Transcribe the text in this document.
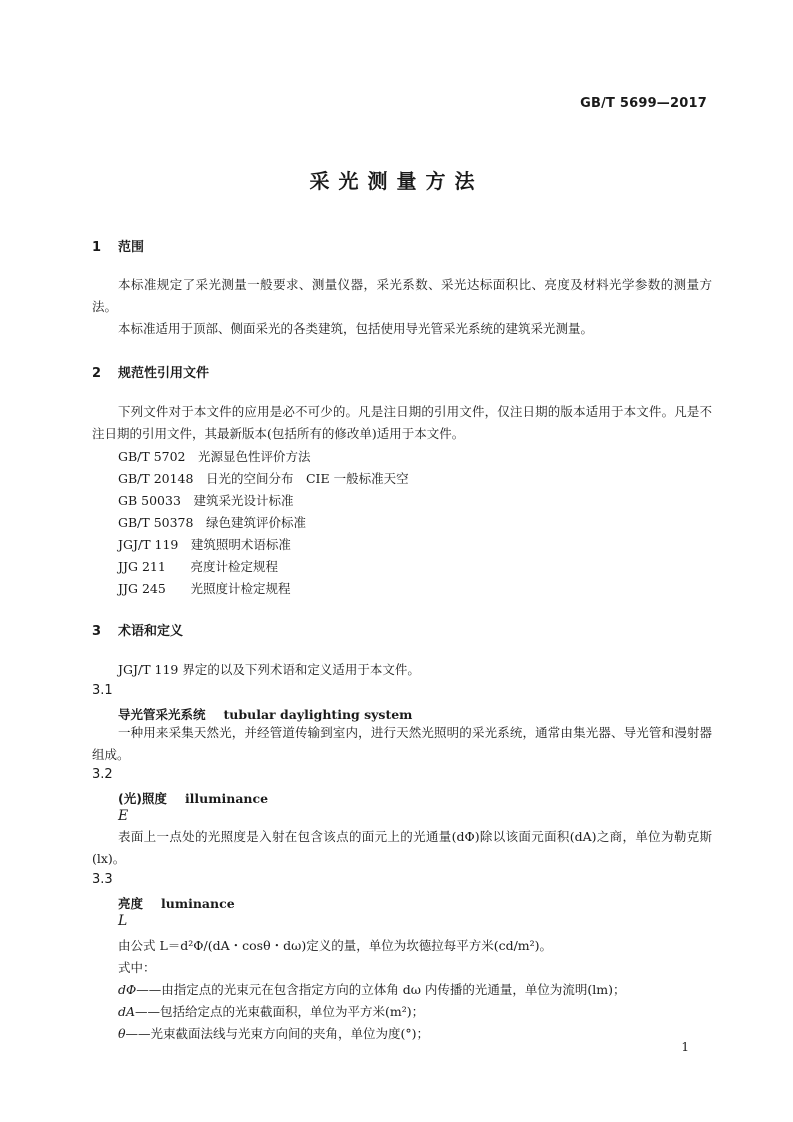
GB/T 5699—2017
采光测量方法
1 范围
本标准规定了采光测量一般要求、测量仪器，采光系数、采光达标面积比、亮度及材料光学参数的测量方法。
本标准适用于顶部、侧面采光的各类建筑，包括使用导光管采光系统的建筑采光测量。
2 规范性引用文件
下列文件对于本文件的应用是必不可少的。凡是注日期的引用文件，仅注日期的版本适用于本文件。凡是不注日期的引用文件，其最新版本(包括所有的修改单)适用于本文件。
GB/T 5702　 光源显色性评价方法
GB/T 20148　 日光的空间分布　CIE 一般标准天空
GB 50033　 建筑采光设计标准
GB/T 50378　 绿色建筑评价标准
JGJ/T 119　 建筑照明术语标准
JJG 211　 亮度计检定规程
JJG 245　 光照度计检定规程
3 术语和定义
JGJ/T 119 界定的以及下列术语和定义适用于本文件。
3.1
导光管采光系统 tubular daylighting system
一种用来采集天然光，并经管道传输到室内，进行天然光照明的采光系统，通常由集光器、导光管和漫射器组成。
3.2
(光)照度 illuminance
E
表面上一点处的光照度是入射在包含该点的面元上的光通量(dΦ)除以该面元面积(dA)之商，单位为勒克斯(lx)。
3.3
亮度 luminance
L
由公式 L＝d²Φ/(dA・cosθ・dω)定义的量，单位为坎德拉每平方米(cd/m²)。
式中：
dΦ——由指定点的光束元在包含指定方向的立体角 dω 内传播的光通量，单位为流明(lm)；
dA——包括给定点的光束截面积，单位为平方米(m²)；
θ——光束截面法线与光束方向间的夹角，单位为度(°)；
1
